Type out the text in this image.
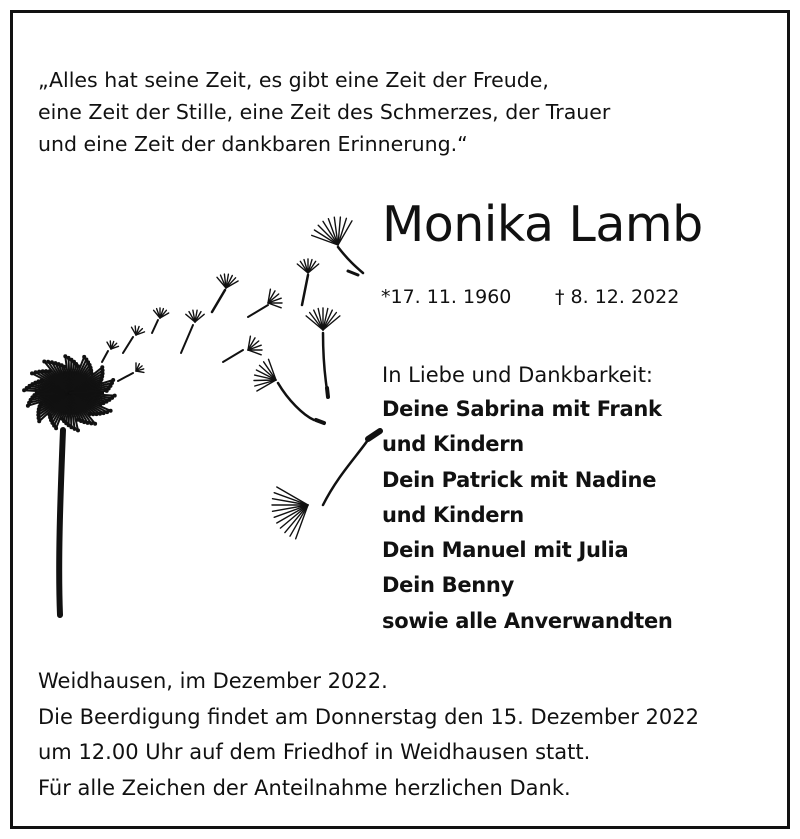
„Alles hat seine Zeit, es gibt eine Zeit der Freude,
eine Zeit der Stille, eine Zeit des Schmerzes, der Trauer
und eine Zeit der dankbaren Erinnerung.“

Monika Lamb
*17. 11. 1960 † 8. 12. 2022

In Liebe und Dankbarkeit:

Deine Sabrina mit Frank
und Kindern
Dein Patrick mit Nadine
und Kindern
Dein Manuel mit Julia
Dein Benny
sowie alle Anverwandten

Weidhausen, im Dezember 2022.
Die Beerdigung findet am Donnerstag den 15. Dezember 2022
um 12.00 Uhr auf dem Friedhof in Weidhausen statt.
Für alle Zeichen der Anteilnahme herzlichen Dank.
